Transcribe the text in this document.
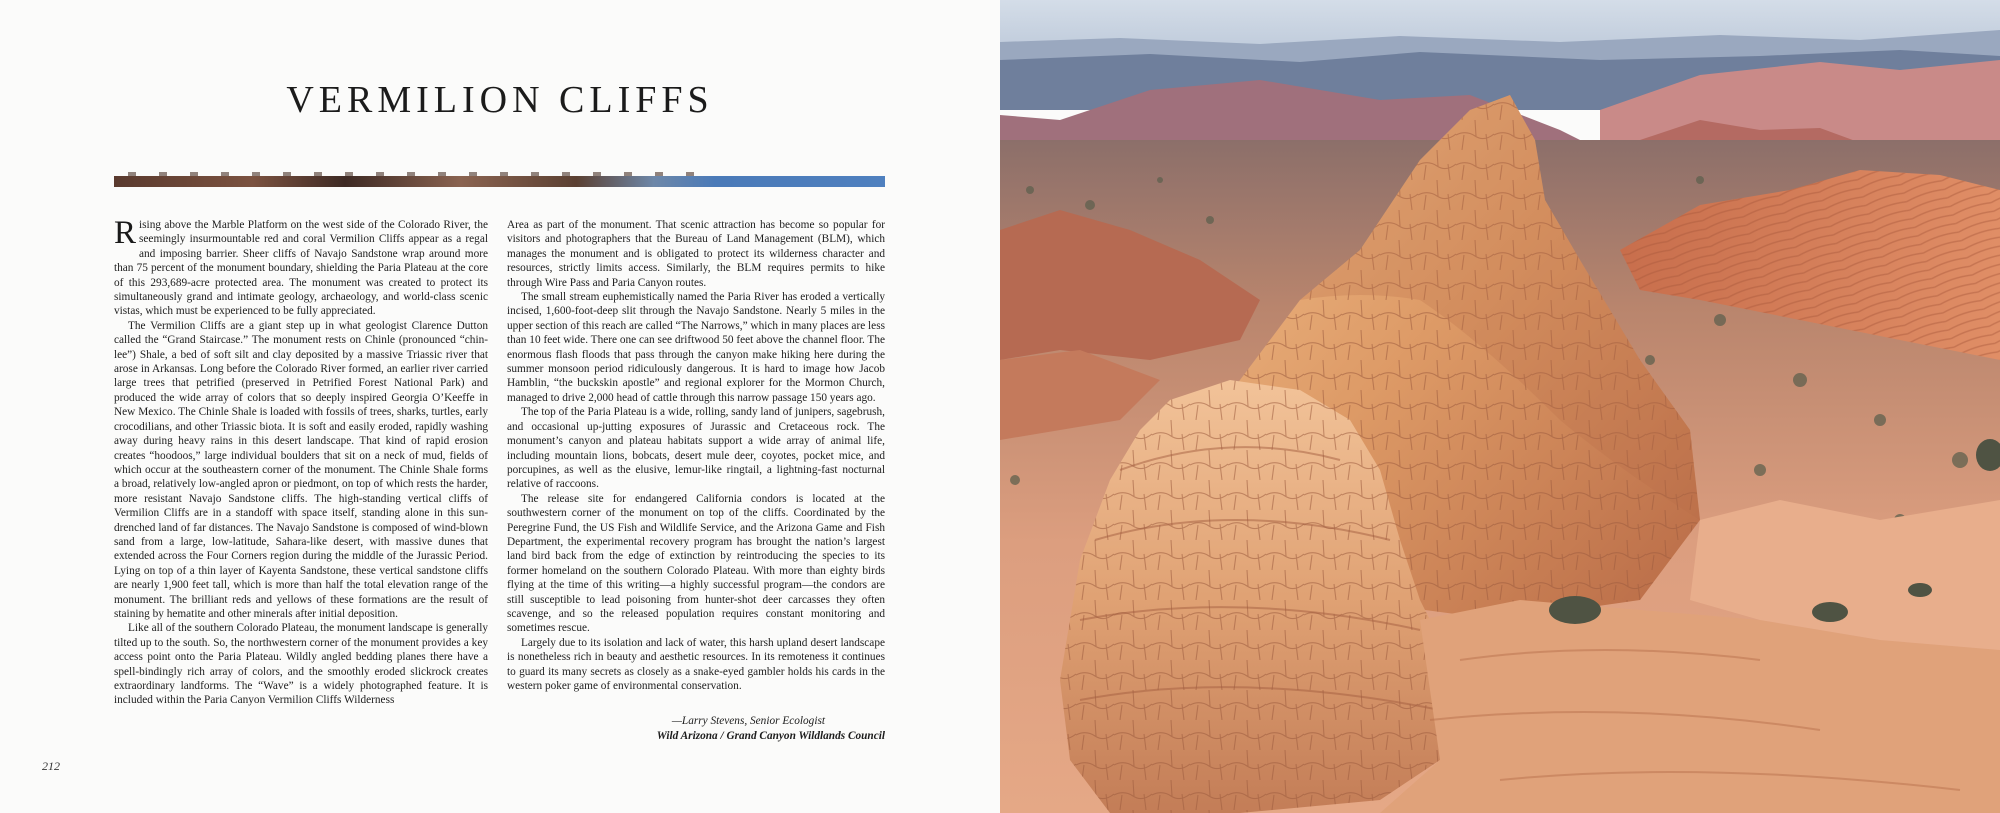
VERMILION CLIFFS

Rising above the Marble Platform on the west side of the Colorado River, the seemingly insurmountable red and coral Vermilion Cliffs appear as a regal and imposing barrier. Sheer cliffs of Navajo Sandstone wrap around more than 75 percent of the monument boundary, shielding the Paria Plateau at the core of this 293,689-acre protected area. The monument was created to protect its simultaneously grand and intimate geology, archaeology, and world-class scenic vistas, which must be experienced to be fully appreciated.

The Vermilion Cliffs are a giant step up in what geologist Clarence Dutton called the “Grand Staircase.” The monument rests on Chinle (pronounced “chin-lee”) Shale, a bed of soft silt and clay deposited by a massive Triassic river that arose in Arkansas. Long before the Colorado River formed, an earlier river carried large trees that petrified (preserved in Petrified Forest National Park) and produced the wide array of colors that so deeply inspired Georgia O’Keeffe in New Mexico. The Chinle Shale is loaded with fossils of trees, sharks, turtles, early crocodilians, and other Triassic biota. It is soft and easily eroded, rapidly washing away during heavy rains in this desert landscape. That kind of rapid erosion creates “hoodoos,” large individual boulders that sit on a neck of mud, fields of which occur at the southeastern corner of the monument. The Chinle Shale forms a broad, relatively low-angled apron or piedmont, on top of which rests the harder, more resistant Navajo Sandstone cliffs. The high-standing vertical cliffs of Vermilion Cliffs are in a standoff with space itself, standing alone in this sun-drenched land of far distances. The Navajo Sandstone is composed of wind-blown sand from a large, low-latitude, Sahara-like desert, with massive dunes that extended across the Four Corners region during the middle of the Jurassic Period. Lying on top of a thin layer of Kayenta Sandstone, these vertical sandstone cliffs are nearly 1,900 feet tall, which is more than half the total elevation range of the monument. The brilliant reds and yellows of these formations are the result of staining by hematite and other minerals after initial deposition.

Like all of the southern Colorado Plateau, the monument landscape is generally tilted up to the south. So, the northwestern corner of the monument provides a key access point onto the Paria Plateau. Wildly angled bedding planes there have a spell-bindingly rich array of colors, and the smoothly eroded slickrock creates extraordinary landforms. The “Wave” is a widely photographed feature. It is included within the Paria Canyon Vermilion Cliffs Wilderness

Area as part of the monument. That scenic attraction has become so popular for visitors and photographers that the Bureau of Land Management (BLM), which manages the monument and is obligated to protect its wilderness character and resources, strictly limits access. Similarly, the BLM requires permits to hike through Wire Pass and Paria Canyon routes.

The small stream euphemistically named the Paria River has eroded a vertically incised, 1,600-foot-deep slit through the Navajo Sandstone. Nearly 5 miles in the upper section of this reach are called “The Narrows,” which in many places are less than 10 feet wide. There one can see driftwood 50 feet above the channel floor. The enormous flash floods that pass through the canyon make hiking here during the summer monsoon period ridiculously dangerous. It is hard to image how Jacob Hamblin, “the buckskin apostle” and regional explorer for the Mormon Church, managed to drive 2,000 head of cattle through this narrow passage 150 years ago.

The top of the Paria Plateau is a wide, rolling, sandy land of junipers, sagebrush, and occasional up-jutting exposures of Jurassic and Cretaceous rock. The monument’s canyon and plateau habitats support a wide array of animal life, including mountain lions, bobcats, desert mule deer, coyotes, pocket mice, and porcupines, as well as the elusive, lemur-like ringtail, a lightning-fast nocturnal relative of raccoons.

The release site for endangered California condors is located at the southwestern corner of the monument on top of the cliffs. Coordinated by the Peregrine Fund, the US Fish and Wildlife Service, and the Arizona Game and Fish Department, the experimental recovery program has brought the nation’s largest land bird back from the edge of extinction by reintroducing the species to its former homeland on the southern Colorado Plateau. With more than eighty birds flying at the time of this writing—a highly successful program—the condors are still susceptible to lead poisoning from hunter-shot deer carcasses they often scavenge, and so the released population requires constant monitoring and sometimes rescue.

Largely due to its isolation and lack of water, this harsh upland desert landscape is nonetheless rich in beauty and aesthetic resources. In its remoteness it continues to guard its many secrets as closely as a snake-eyed gambler holds his cards in the western poker game of environmental conservation.

—Larry Stevens, Senior Ecologist
Wild Arizona / Grand Canyon Wildlands Council
212
